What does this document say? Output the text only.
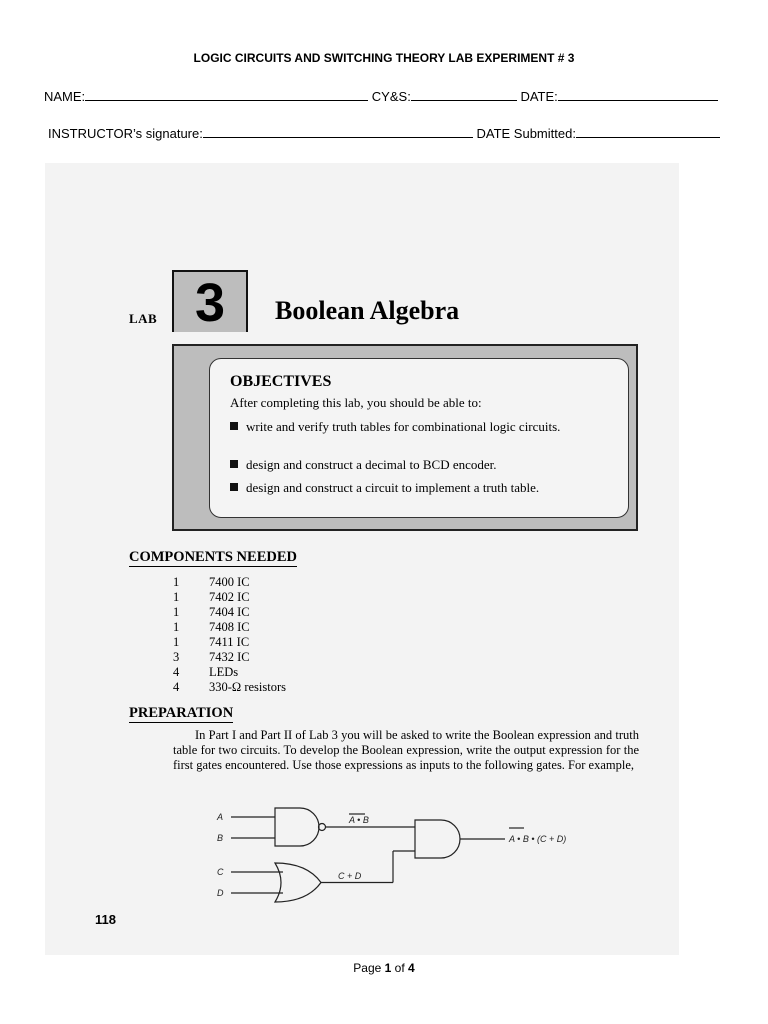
LOGIC CIRCUITS AND SWITCHING THEORY LAB EXPERIMENT # 3
NAME:	CY&S:	DATE:
INSTRUCTOR’s signature:	DATE Submitted:
LAB 3	Boolean Algebra
OBJECTIVES
After completing this lab, you should be able to:
write and verify truth tables for combinational logic circuits.
design and construct a decimal to BCD encoder.
design and construct a circuit to implement a truth table.
COMPONENTS NEEDED
1	7400 IC
1	7402 IC
1	7404 IC
1	7408 IC
1	7411 IC
3	7432 IC
4	LEDs
4	330-Ω resistors
PREPARATION
In Part I and Part II of Lab 3 you will be asked to write the Boolean expression and truth table for two circuits. To develop the Boolean expression, write the output expression for the first gates encountered. Use those expressions as inputs to the following gates. For example,
A
B
C
D
A • B
C + D
A • B • (C + D)
118
Page 1 of 4
